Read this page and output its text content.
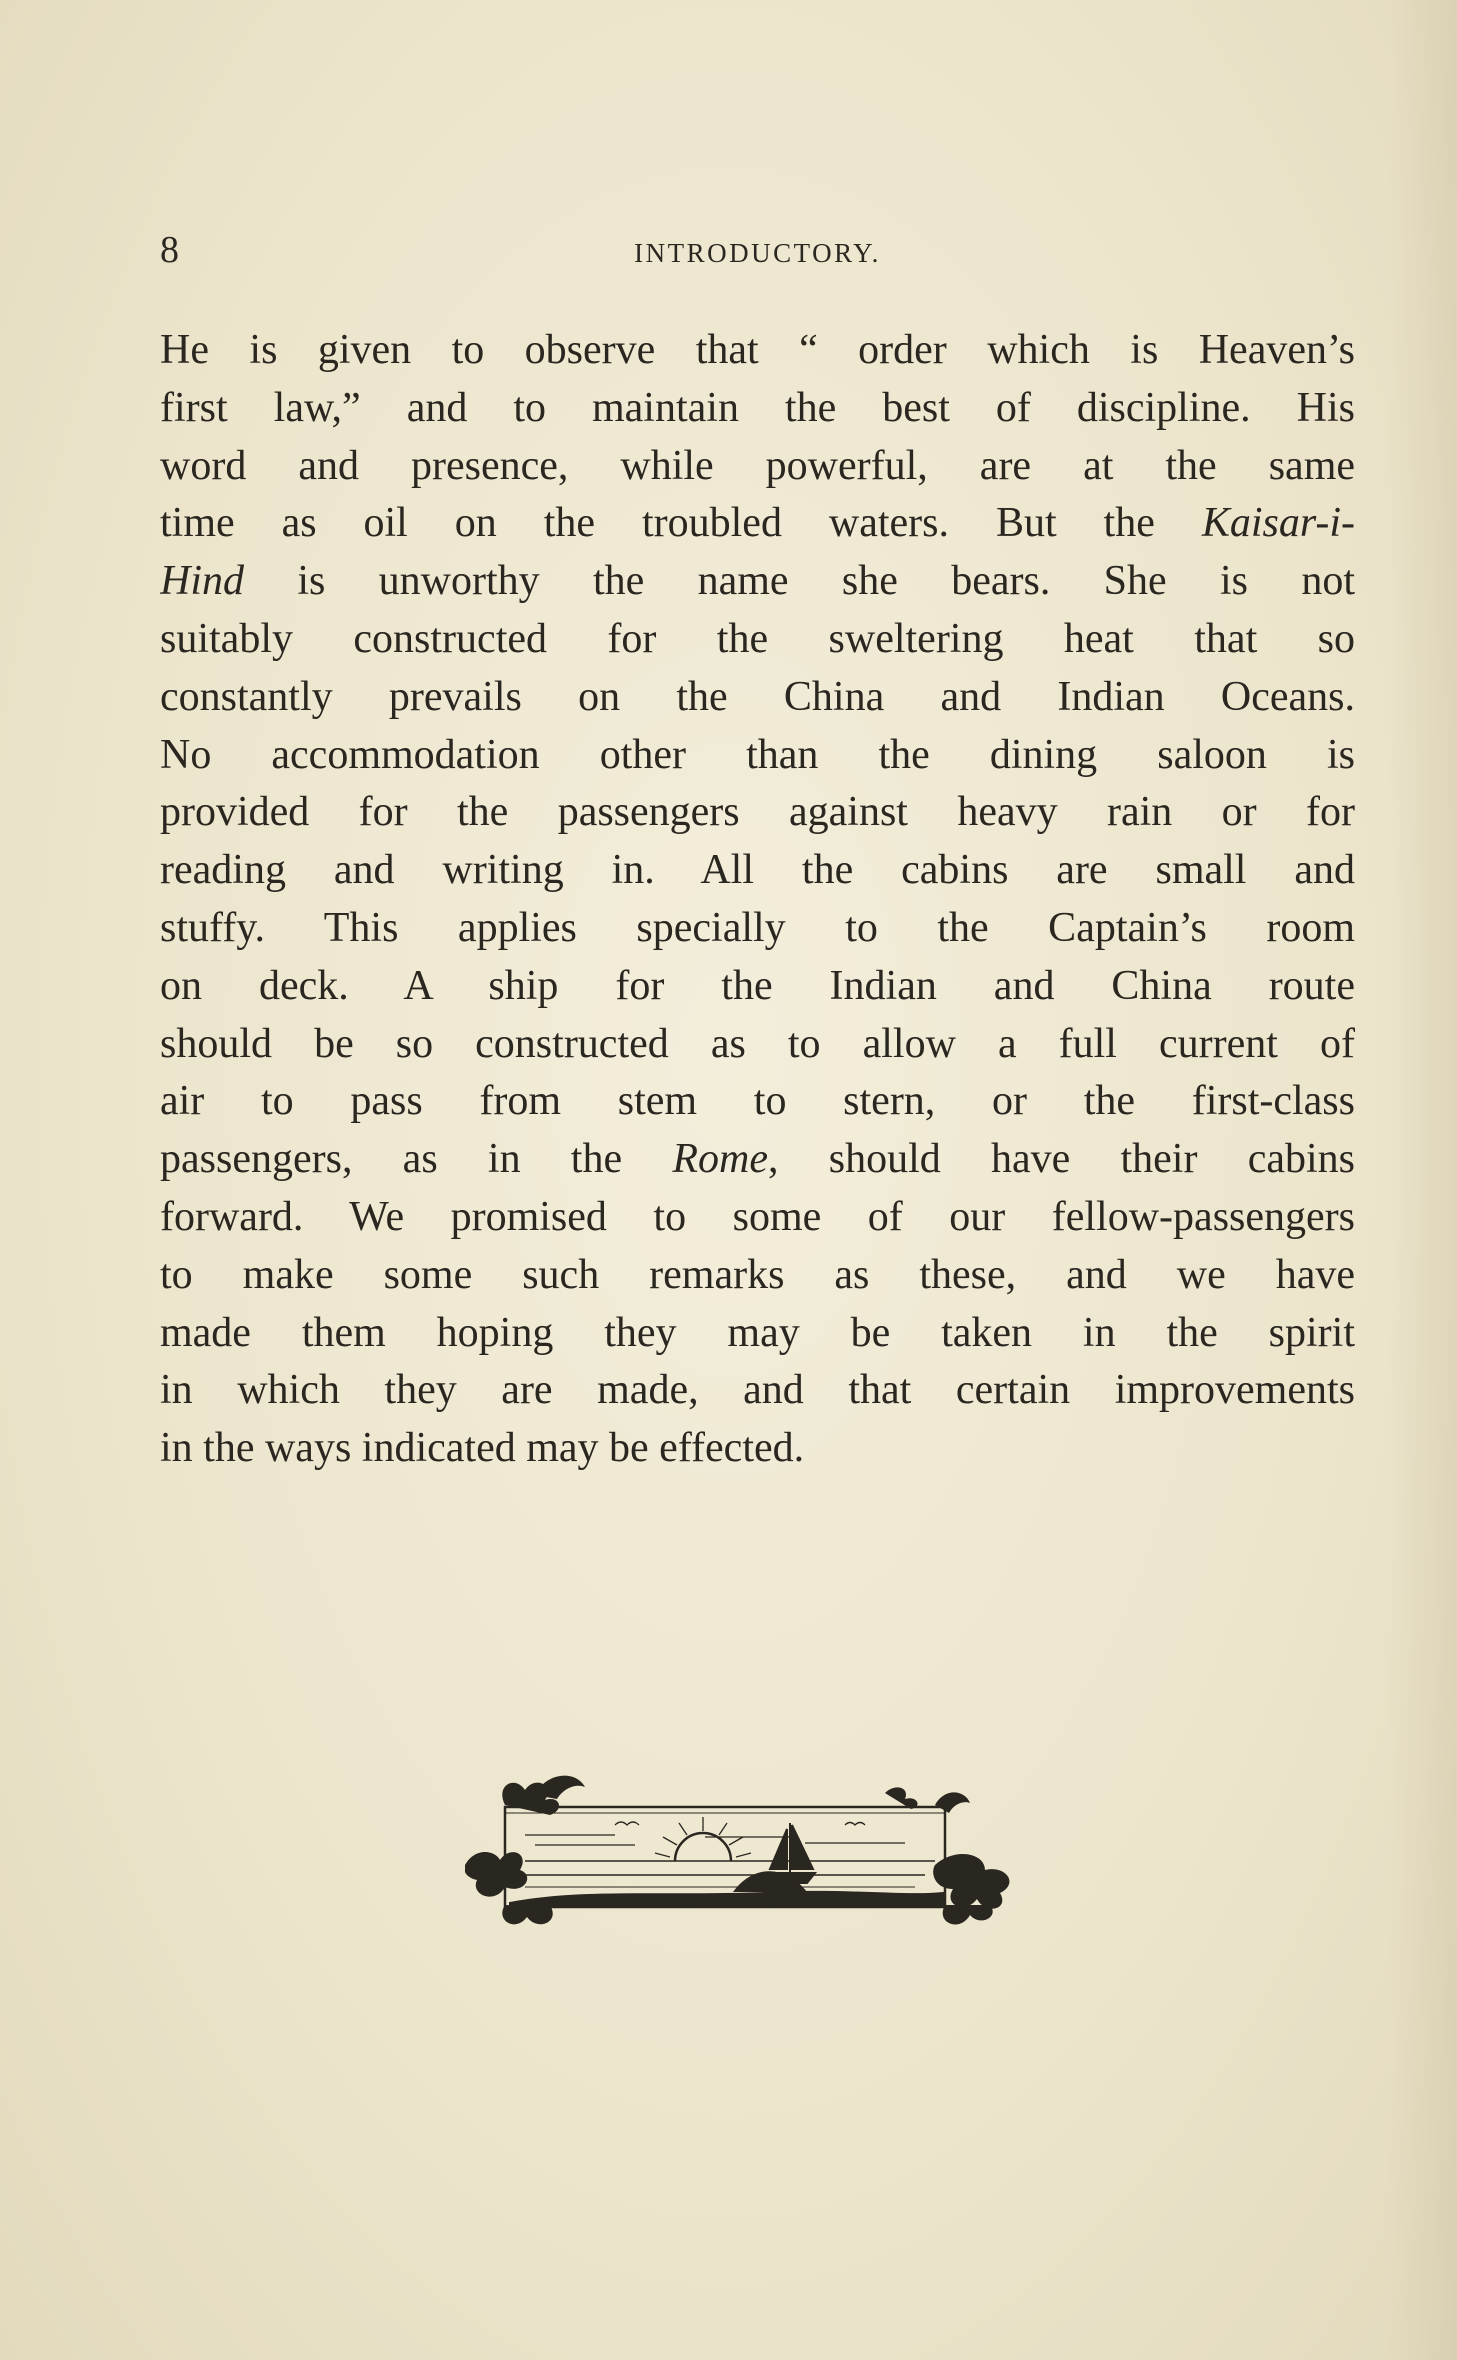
8	INTRODUCTORY.
He is given to observe that “ order which is Heaven’s
first law,” and to maintain the best of discipline. His
word and presence, while powerful, are at the same
time as oil on the troubled waters. But the Kaisar-i-
Hind is unworthy the name she bears. She is not
suitably constructed for the sweltering heat that so
constantly prevails on the China and Indian Oceans.
No accommodation other than the dining saloon is
provided for the passengers against heavy rain or for
reading and writing in. All the cabins are small and
stuffy. This applies specially to the Captain’s room
on deck. A ship for the Indian and China route
should be so constructed as to allow a full current of
air to pass from stem to stern, or the first-class
passengers, as in the Rome, should have their cabins
forward. We promised to some of our fellow-passengers
to make some such remarks as these, and we have
made them hoping they may be taken in the spirit
in which they are made, and that certain improvements
in the ways indicated may be effected.
